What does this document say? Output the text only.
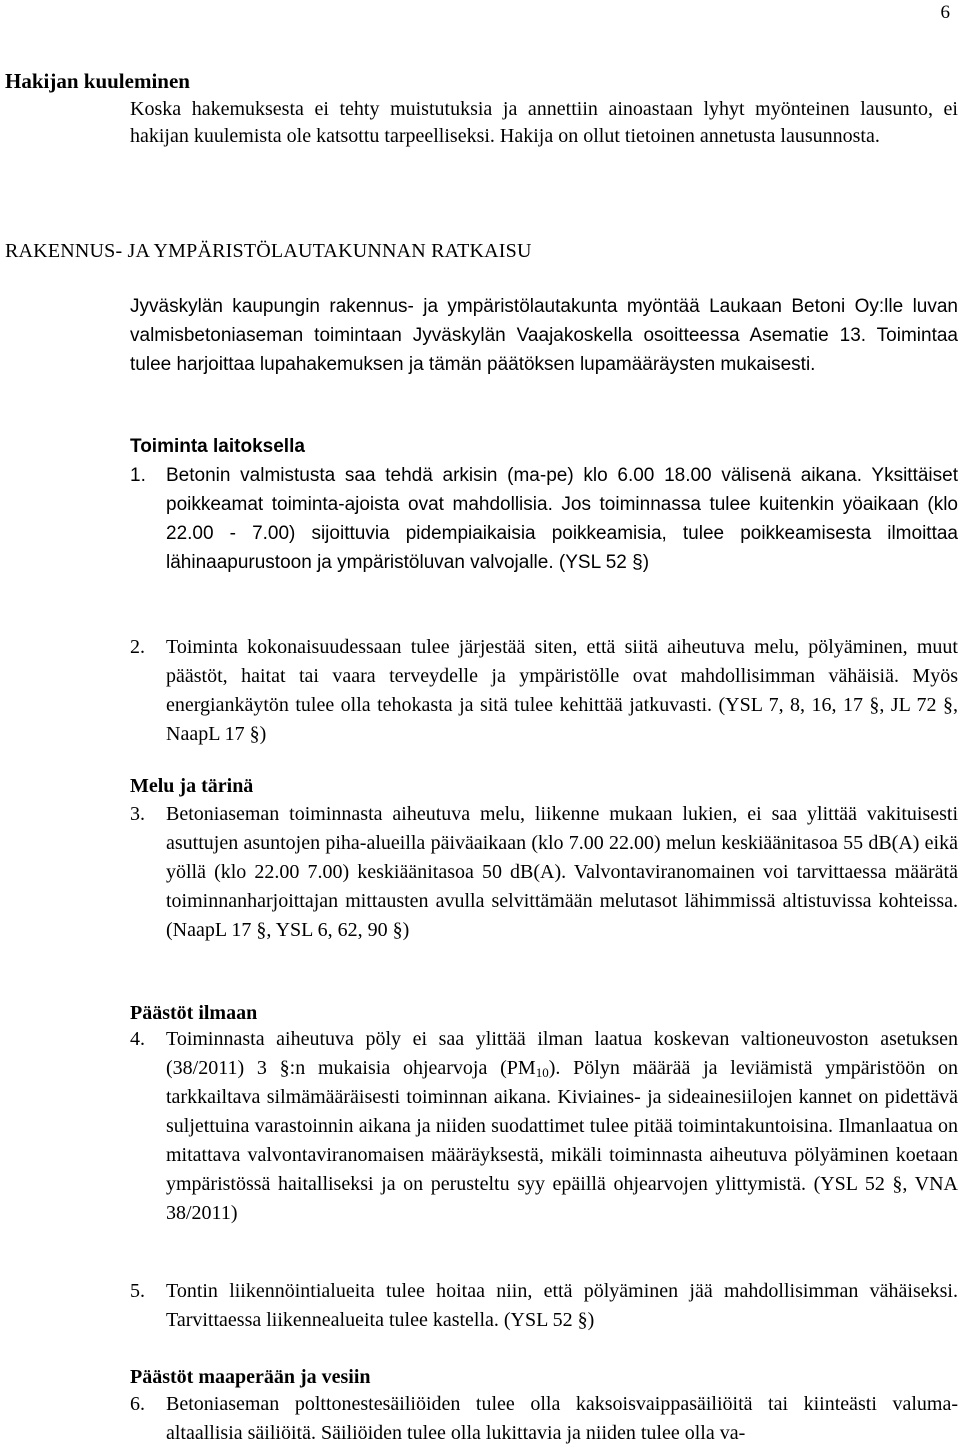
6
Hakijan kuuleminen

Koska hakemuksesta ei tehty muistutuksia ja annettiin ainoastaan lyhyt myönteinen lausunto, ei hakijan kuulemista ole katsottu tarpeelliseksi. Hakija on ollut tietoinen annetusta lausunnosta.

RAKENNUS- JA YMPÄRISTÖLAUTAKUNNAN RATKAISU

Jyväskylän kaupungin rakennus- ja ympäristölautakunta myöntää Laukaan Betoni Oy:lle luvan valmisbetoniaseman toimintaan Jyväskylän Vaajakoskella osoitteessa Asematie 13. Toimintaa tulee harjoittaa lupahakemuksen ja tämän päätöksen lupamääräysten mukaisesti.

Toiminta laitoksella
1. Betonin valmistusta saa tehdä arkisin (ma-pe) klo 6.00 18.00 välisenä aikana. Yksittäiset poikkeamat toiminta-ajoista ovat mahdollisia. Jos toiminnassa tulee kuitenkin yöaikaan (klo 22.00 - 7.00) sijoittuvia pidempiaikaisia poikkeamisia, tulee poikkeamisesta ilmoittaa lähinaapurustoon ja ympäristöluvan valvojalle. (YSL 52 §)
2. Toiminta kokonaisuudessaan tulee järjestää siten, että siitä aiheutuva melu, pölyäminen, muut päästöt, haitat tai vaara terveydelle ja ympäristölle ovat mahdollisimman vähäisiä. Myös energiankäytön tulee olla tehokasta ja sitä tulee kehittää jatkuvasti. (YSL 7, 8, 16, 17 §, JL 72 §, NaapL 17 §)
Melu ja tärinä
3. Betoniaseman toiminnasta aiheutuva melu, liikenne mukaan lukien, ei saa ylittää vakituisesti asuttujen asuntojen piha-alueilla päiväaikaan (klo 7.00 22.00) melun keskiäänitasoa 55 dB(A) eikä yöllä (klo 22.00 7.00) keskiäänitasoa 50 dB(A). Valvontaviranomainen voi tarvittaessa määrätä toiminnanharjoittajan mittausten avulla selvittämään melutasot lähimmissä altistuvissa kohteissa. (NaapL 17 §, YSL 6, 62, 90 §)
Päästöt ilmaan
4. Toiminnasta aiheutuva pöly ei saa ylittää ilman laatua koskevan valtioneuvoston asetuksen (38/2011) 3 §:n mukaisia ohjearvoja $(PM_{10})$. Pölyn määrää ja leviämistä ympäristöön on tarkkailtava silmämääräisesti toiminnan aikana. Kiviaines- ja sideainesiilojen kannet on pidettävä suljettuina varastoinnin aikana ja niiden suodattimet tulee pitää toimintakuntoisina. Ilmanlaatua on mitattava valvontaviranomaisen määräyksestä, mikäli toiminnasta aiheutuva pölyäminen koetaan ympäristössä haitalliseksi ja on perusteltu syy epäillä ohjearvojen ylittymistä. (YSL 52 §, VNA 38/2011)
5. Tontin liikennöintialueita tulee hoitaa niin, että pölyäminen jää mahdollisimman vähäiseksi. Tarvittaessa liikennealueita tulee kastella. (YSL 52 §)
Päästöt maaperään ja vesiin
6. Betoniaseman polttonestesäiliöiden tulee olla kaksoisvaippasäiliöitä tai kiinteästi valuma-altaallisia säiliöitä. Säiliöiden tulee olla lukittavia ja niiden tulee olla va-
